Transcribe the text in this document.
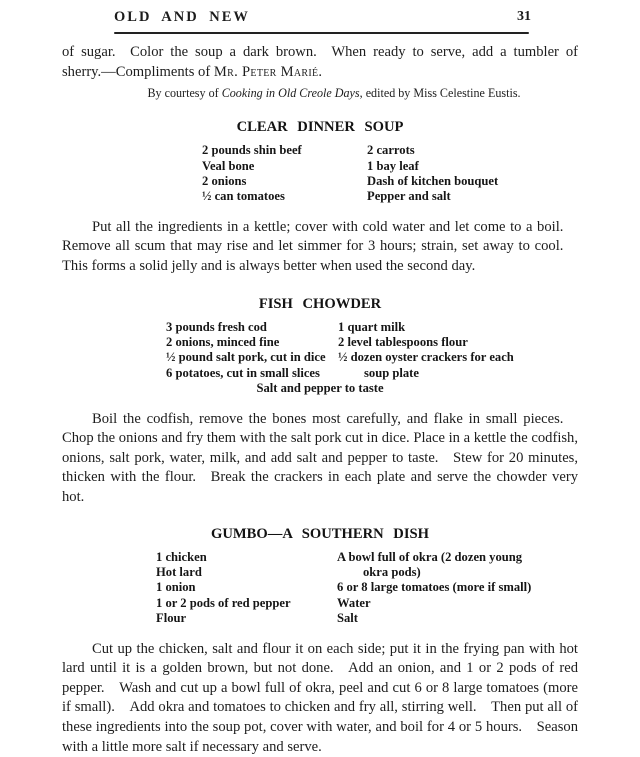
OLD AND NEW	31

of sugar. Color the soup a dark brown. When ready to serve, add a tumbler of sherry.—Compliments of Mr. Peter Marié.

By courtesy of Cooking in Old Creole Days, edited by Miss Celestine Eustis.
CLEAR DINNER SOUP
2 pounds shin beef
Veal bone
2 onions
½ can tomatoes
2 carrots
1 bay leaf
Dash of kitchen bouquet
Pepper and salt

Put all the ingredients in a kettle; cover with cold water and let come to a boil. Remove all scum that may rise and let simmer for 3 hours; strain, set away to cool. This forms a solid jelly and is always better when used the second day.

FISH CHOWDER
3 pounds fresh cod
2 onions, minced fine
½ pound salt pork, cut in dice
6 potatoes, cut in small slices
1 quart milk
2 level tablespoons flour
½ dozen oyster crackers for each
soup plate
Salt and pepper to taste

Boil the codfish, remove the bones most carefully, and flake in small pieces. Chop the onions and fry them with the salt pork cut in dice. Place in a kettle the codfish, onions, salt pork, water, milk, and add salt and pepper to taste. Stew for 20 minutes, thicken with the flour. Break the crackers in each plate and serve the chowder very hot.

GUMBO—A SOUTHERN DISH
1 chicken
Hot lard
1 onion
1 or 2 pods of red pepper
Flour
A bowl full of okra (2 dozen young
okra pods)
6 or 8 large tomatoes (more if small)
Water
Salt

Cut up the chicken, salt and flour it on each side; put it in the frying pan with hot lard until it is a golden brown, but not done. Add an onion, and 1 or 2 pods of red pepper. Wash and cut up a bowl full of okra, peel and cut 6 or 8 large tomatoes (more if small). Add okra and tomatoes to chicken and fry all, stirring well. Then put all of these ingredients into the soup pot, cover with water, and boil for 4 or 5 hours. Season with a little more salt if necessary and serve.
